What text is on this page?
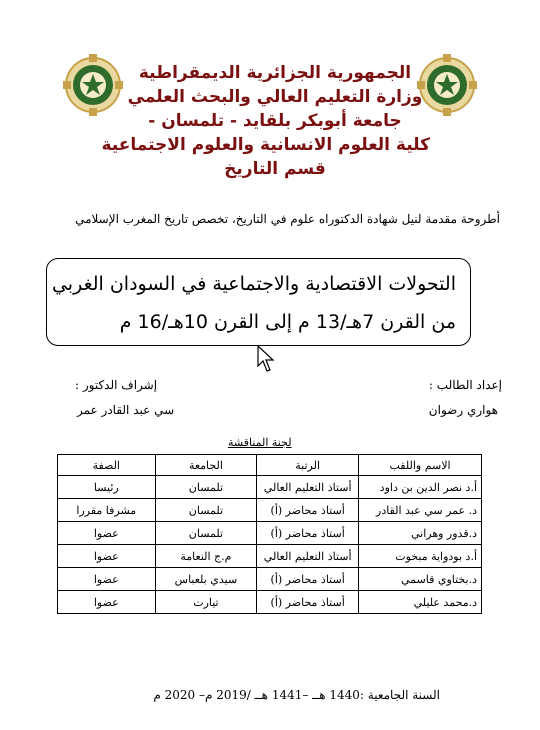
الجمهورية الجزائرية الديمقراطية
وزارة التعليم العالي والبحث العلمي
جامعة أبوبكر بلقايد - تلمسان -
كلية العلوم الانسانية والعلوم الاجتماعية
قسم التاريخ
أطروحة مقدمة لنيل شهادة الدكتوراه علوم في التاريخ، تخصص تاريخ المغرب الإسلامي
التحولات الاقتصادية والاجتماعية في السودان الغربي
من القرن 7هـ/13 م إلى القرن 10هـ/16 م
إعداد الطالب :
هواري رضوان
إشراف الدكتور :
سي عبد القادر عمر
لجنة المناقشة
الاسم واللقب	الرتبة	الجامعة	الصفة
أ.د نصر الدين بن داود	أستاذ التعليم العالي	تلمسان	رئيسا
د. عمر سي عبد القادر	أستاذ محاضر (أ)	تلمسان	مشرفا مقررا
د.قدور وهراني	أستاذ محاضر (أ)	تلمسان	عضوا
أ.د بودواية مبخوت	أستاذ التعليم العالي	م.ج النعامة	عضوا
د.بختاوي قاسمي	أستاذ محاضر (أ)	سيدي بلعباس	عضوا
د.محمد عليلي	أستاذ محاضر (أ)	تيارت	عضوا
السنة الجامعية :1440 هــ –1441 هــ /2019 م– 2020 م
